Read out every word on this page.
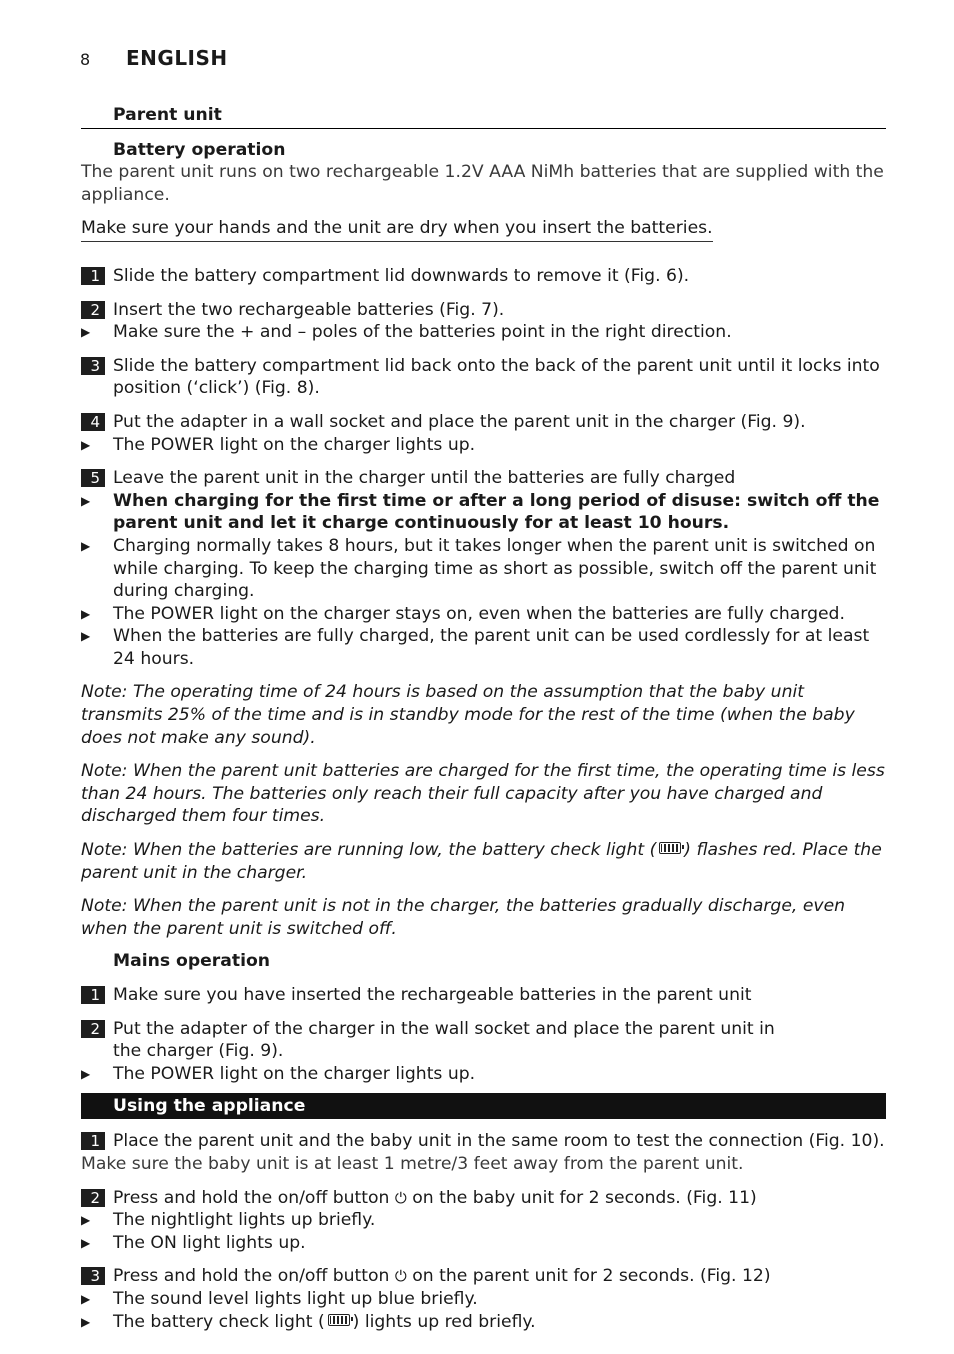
8	ENGLISH
Parent unit
Battery operation
The parent unit runs on two rechargeable 1.2V AAA NiMh batteries that are supplied with the appliance.
Make sure your hands and the unit are dry when you insert the batteries.
1 Slide the battery compartment lid downwards to remove it (Fig. 6).
2 Insert the two rechargeable batteries (Fig. 7).
▶	Make sure the + and – poles of the batteries point in the right direction.
3 Slide the battery compartment lid back onto the back of the parent unit until it locks into position (‘click’) (Fig. 8).
4 Put the adapter in a wall socket and place the parent unit in the charger (Fig. 9).
▶	The POWER light on the charger lights up.
5 Leave the parent unit in the charger until the batteries are fully charged
▶	When charging for the first time or after a long period of disuse: switch off the parent unit and let it charge continuously for at least 10 hours.
▶	Charging normally takes 8 hours, but it takes longer when the parent unit is switched on while charging. To keep the charging time as short as possible, switch off the parent unit during charging.
▶	The POWER light on the charger stays on, even when the batteries are fully charged.
▶	When the batteries are fully charged, the parent unit can be used cordlessly for at least 24 hours.
Note: The operating time of 24 hours is based on the assumption that the baby unit transmits 25% of the time and is in standby mode for the rest of the time (when the baby does not make any sound).
Note: When the parent unit batteries are charged for the first time, the operating time is less than 24 hours. The batteries only reach their full capacity after you have charged and discharged them four times.
Note: When the batteries are running low, the battery check light ( ) flashes red. Place the parent unit in the charger.
Note: When the parent unit is not in the charger, the batteries gradually discharge, even when the parent unit is switched off.
Mains operation
1 Make sure you have inserted the rechargeable batteries in the parent unit
2 Put the adapter of the charger in the wall socket and place the parent unit in the charger (Fig. 9).
▶	The POWER light on the charger lights up.
Using the appliance
1 Place the parent unit and the baby unit in the same room to test the connection (Fig. 10).
Make sure the baby unit is at least 1 metre/3 feet away from the parent unit.
2 Press and hold the on/off button ⏻ on the baby unit for 2 seconds. (Fig. 11)
▶	The nightlight lights up briefly.
▶	The ON light lights up.
3 Press and hold the on/off button ⏻ on the parent unit for 2 seconds. (Fig. 12)
▶	The sound level lights light up blue briefly.
▶	The battery check light ( ) lights up red briefly.
